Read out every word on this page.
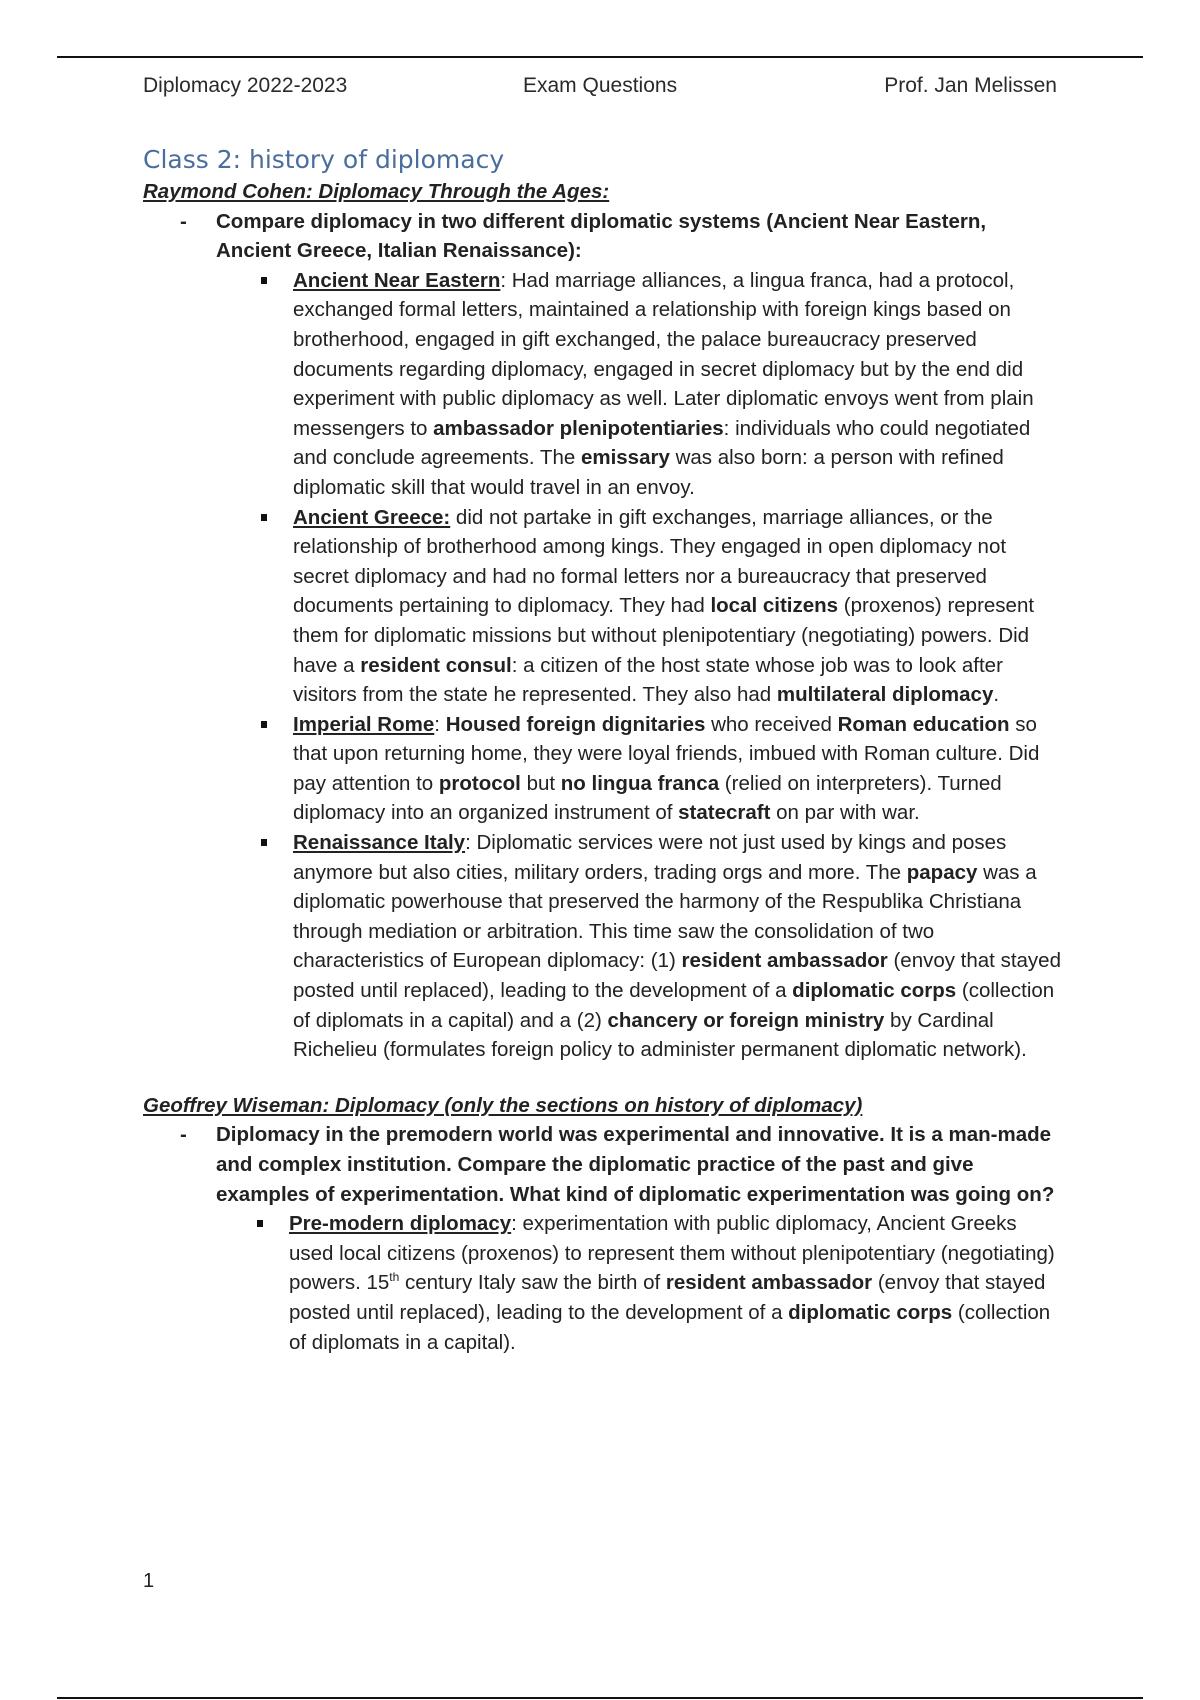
Diplomacy 2022-2023	Exam Questions	Prof. Jan Melissen
Class 2: history of diplomacy
Raymond Cohen: Diplomacy Through the Ages:
- Compare diplomacy in two different diplomatic systems (Ancient Near Eastern, Ancient Greece, Italian Renaissance):
Ancient Near Eastern: Had marriage alliances, a lingua franca, had a protocol, exchanged formal letters, maintained a relationship with foreign kings based on brotherhood, engaged in gift exchanged, the palace bureaucracy preserved documents regarding diplomacy, engaged in secret diplomacy but by the end did experiment with public diplomacy as well. Later diplomatic envoys went from plain messengers to ambassador plenipotentiaries: individuals who could negotiated and conclude agreements. The emissary was also born: a person with refined diplomatic skill that would travel in an envoy.
Ancient Greece: did not partake in gift exchanges, marriage alliances, or the relationship of brotherhood among kings. They engaged in open diplomacy not secret diplomacy and had no formal letters nor a bureaucracy that preserved documents pertaining to diplomacy. They had local citizens (proxenos) represent them for diplomatic missions but without plenipotentiary (negotiating) powers. Did have a resident consul: a citizen of the host state whose job was to look after visitors from the state he represented. They also had multilateral diplomacy.
Imperial Rome: Housed foreign dignitaries who received Roman education so that upon returning home, they were loyal friends, imbued with Roman culture. Did pay attention to protocol but no lingua franca (relied on interpreters). Turned diplomacy into an organized instrument of statecraft on par with war.
Renaissance Italy: Diplomatic services were not just used by kings and poses anymore but also cities, military orders, trading orgs and more. The papacy was a diplomatic powerhouse that preserved the harmony of the Respublika Christiana through mediation or arbitration. This time saw the consolidation of two characteristics of European diplomacy: (1) resident ambassador (envoy that stayed posted until replaced), leading to the development of a diplomatic corps (collection of diplomats in a capital) and a (2) chancery or foreign ministry by Cardinal Richelieu (formulates foreign policy to administer permanent diplomatic network).
Geoffrey Wiseman: Diplomacy (only the sections on history of diplomacy)
- Diplomacy in the premodern world was experimental and innovative. It is a man-made and complex institution. Compare the diplomatic practice of the past and give examples of experimentation. What kind of diplomatic experimentation was going on?
Pre-modern diplomacy: experimentation with public diplomacy, Ancient Greeks used local citizens (proxenos) to represent them without plenipotentiary (negotiating) powers. 15th century Italy saw the birth of resident ambassador (envoy that stayed posted until replaced), leading to the development of a diplomatic corps (collection of diplomats in a capital).
1
